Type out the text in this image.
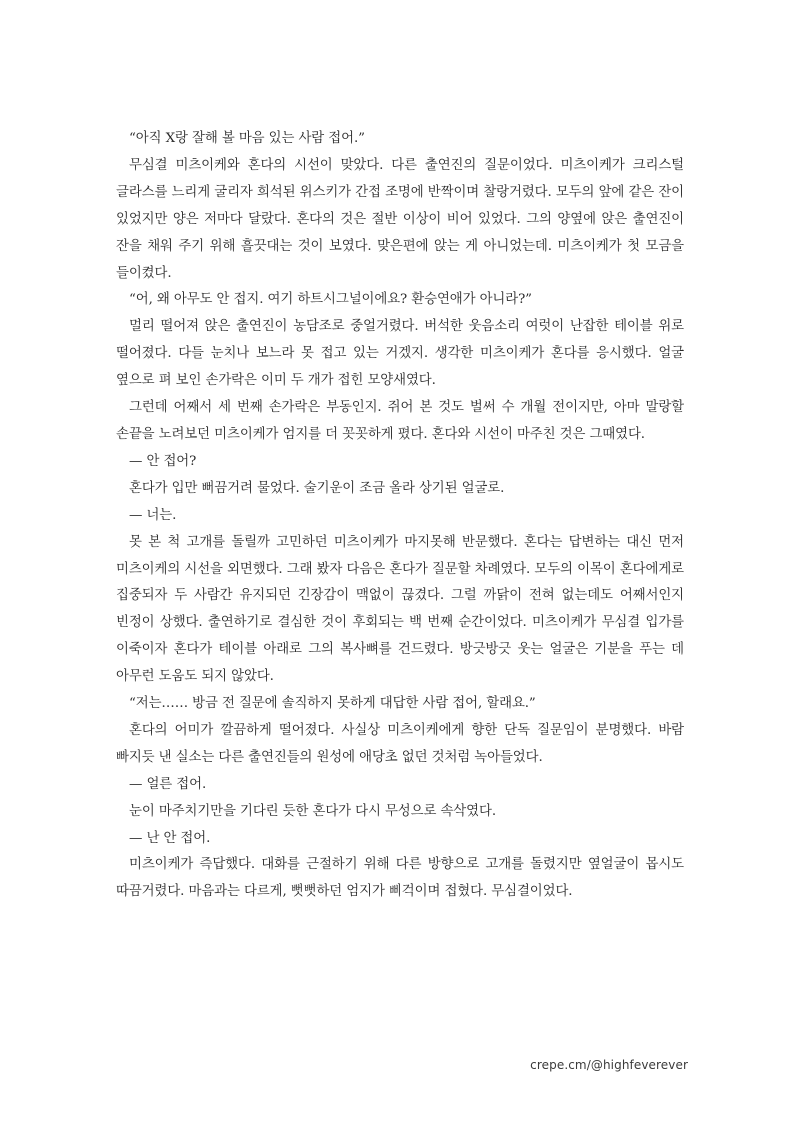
“아직 X랑 잘해 볼 마음 있는 사람 접어.”

무심결 미츠이케와 혼다의 시선이 맞았다. 다른 출연진의 질문이었다. 미츠이케가 크리스털 글라스를 느리게 굴리자 희석된 위스키가 간접 조명에 반짝이며 찰랑거렸다. 모두의 앞에 같은 잔이 있었지만 양은 저마다 달랐다. 혼다의 것은 절반 이상이 비어 있었다. 그의 양옆에 앉은 출연진이 잔을 채워 주기 위해 흘끗대는 것이 보였다. 맞은편에 앉는 게 아니었는데. 미츠이케가 첫 모금을 들이켰다.

“어, 왜 아무도 안 접지. 여기 하트시그널이에요? 환승연애가 아니라?”

멀리 떨어져 앉은 출연진이 농담조로 중얼거렸다. 버석한 웃음소리 여럿이 난잡한 테이블 위로 떨어졌다. 다들 눈치나 보느라 못 접고 있는 거겠지. 생각한 미츠이케가 혼다를 응시했다. 얼굴 옆으로 펴 보인 손가락은 이미 두 개가 접힌 모양새였다.

그런데 어째서 세 번째 손가락은 부동인지. 쥐어 본 것도 벌써 수 개월 전이지만, 아마 말랑할 손끝을 노려보던 미츠이케가 엄지를 더 꼿꼿하게 폈다. 혼다와 시선이 마주친 것은 그때였다.

— 안 접어?

혼다가 입만 뻐끔거려 물었다. 술기운이 조금 올라 상기된 얼굴로.

— 너는.

못 본 척 고개를 돌릴까 고민하던 미츠이케가 마지못해 반문했다. 혼다는 답변하는 대신 먼저 미츠이케의 시선을 외면했다. 그래 봤자 다음은 혼다가 질문할 차례였다. 모두의 이목이 혼다에게로 집중되자 두 사람간 유지되던 긴장감이 맥없이 끊겼다. 그럴 까닭이 전혀 없는데도 어째서인지 빈정이 상했다. 출연하기로 결심한 것이 후회되는 백 번째 순간이었다. 미츠이케가 무심결 입가를 이죽이자 혼다가 테이블 아래로 그의 복사뼈를 건드렸다. 방긋방긋 웃는 얼굴은 기분을 푸는 데 아무런 도움도 되지 않았다.

“저는…… 방금 전 질문에 솔직하지 못하게 대답한 사람 접어, 할래요.”

혼다의 어미가 깔끔하게 떨어졌다. 사실상 미츠이케에게 향한 단독 질문임이 분명했다. 바람 빠지듯 낸 실소는 다른 출연진들의 원성에 애당초 없던 것처럼 녹아들었다.

— 얼른 접어.

눈이 마주치기만을 기다린 듯한 혼다가 다시 무성으로 속삭였다.

— 난 안 접어.

미츠이케가 즉답했다. 대화를 근절하기 위해 다른 방향으로 고개를 돌렸지만 옆얼굴이 몹시도 따끔거렸다. 마음과는 다르게, 뻣뻣하던 엄지가 삐걱이며 접혔다. 무심결이었다.

crepe.cm/@highfeverever
